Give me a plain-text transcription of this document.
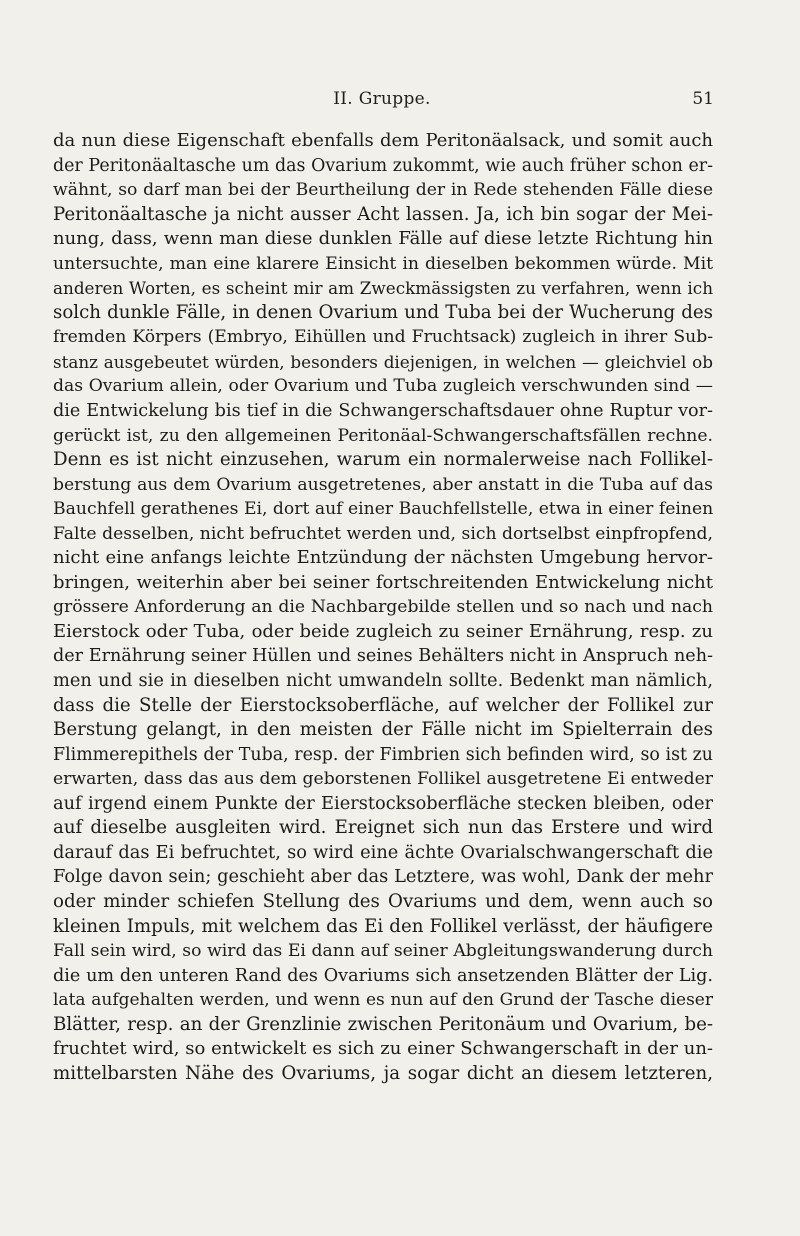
II. Gruppe.	51
da nun diese Eigenschaft ebenfalls dem Peritonäalsack, und somit auch
der Peritonäaltasche um das Ovarium zukommt, wie auch früher schon er-
wähnt, so darf man bei der Beurtheilung der in Rede stehenden Fälle diese
Peritonäaltasche ja nicht ausser Acht lassen. Ja, ich bin sogar der Mei-
nung, dass, wenn man diese dunklen Fälle auf diese letzte Richtung hin
untersuchte, man eine klarere Einsicht in dieselben bekommen würde. Mit
anderen Worten, es scheint mir am Zweckmässigsten zu verfahren, wenn ich
solch dunkle Fälle, in denen Ovarium und Tuba bei der Wucherung des
fremden Körpers (Embryo, Eihüllen und Fruchtsack) zugleich in ihrer Sub-
stanz ausgebeutet würden, besonders diejenigen, in welchen — gleichviel ob
das Ovarium allein, oder Ovarium und Tuba zugleich verschwunden sind —
die Entwickelung bis tief in die Schwangerschaftsdauer ohne Ruptur vor-
gerückt ist, zu den allgemeinen Peritonäal-Schwangerschaftsfällen rechne.
Denn es ist nicht einzusehen, warum ein normalerweise nach Follikel-
berstung aus dem Ovarium ausgetretenes, aber anstatt in die Tuba auf das
Bauchfell gerathenes Ei, dort auf einer Bauchfellstelle, etwa in einer feinen
Falte desselben, nicht befruchtet werden und, sich dortselbst einpfropfend,
nicht eine anfangs leichte Entzündung der nächsten Umgebung hervor-
bringen, weiterhin aber bei seiner fortschreitenden Entwickelung nicht
grössere Anforderung an die Nachbargebilde stellen und so nach und nach
Eierstock oder Tuba, oder beide zugleich zu seiner Ernährung, resp. zu
der Ernährung seiner Hüllen und seines Behälters nicht in Anspruch neh-
men und sie in dieselben nicht umwandeln sollte. Bedenkt man nämlich,
dass die Stelle der Eierstocksoberfläche, auf welcher der Follikel zur
Berstung gelangt, in den meisten der Fälle nicht im Spielterrain des
Flimmerepithels der Tuba, resp. der Fimbrien sich befinden wird, so ist zu
erwarten, dass das aus dem geborstenen Follikel ausgetretene Ei entweder
auf irgend einem Punkte der Eierstocksoberfläche stecken bleiben, oder
auf dieselbe ausgleiten wird. Ereignet sich nun das Erstere und wird
darauf das Ei befruchtet, so wird eine ächte Ovarialschwangerschaft die
Folge davon sein; geschieht aber das Letztere, was wohl, Dank der mehr
oder minder schiefen Stellung des Ovariums und dem, wenn auch so
kleinen Impuls, mit welchem das Ei den Follikel verlässt, der häufigere
Fall sein wird, so wird das Ei dann auf seiner Abgleitungswanderung durch
die um den unteren Rand des Ovariums sich ansetzenden Blätter der Lig.
lata aufgehalten werden, und wenn es nun auf den Grund der Tasche dieser
Blätter, resp. an der Grenzlinie zwischen Peritonäum und Ovarium, be-
fruchtet wird, so entwickelt es sich zu einer Schwangerschaft in der un-
mittelbarsten Nähe des Ovariums, ja sogar dicht an diesem letzteren,
